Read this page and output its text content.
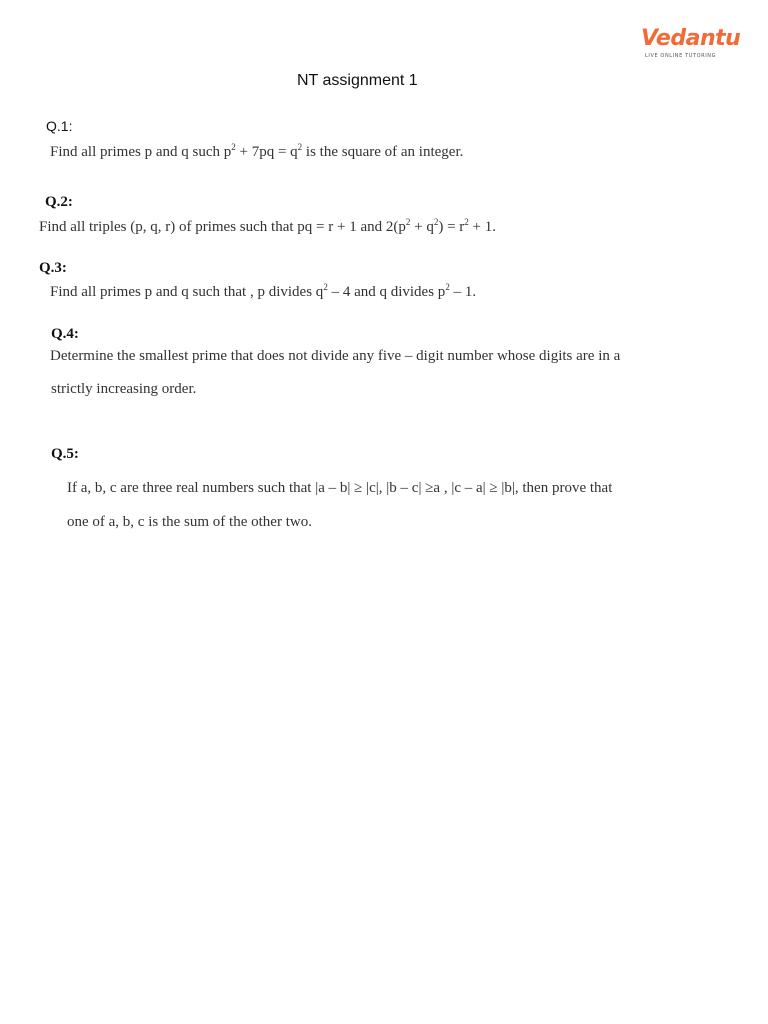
Vedantu
LIVE ONLINE TUTORING
NT assignment 1
Q.1:
Find all primes p and q such $p^2 + 7pq = q^2$ is the square of an integer.
Q.2:
Find all triples (p, q, r) of primes such that pq = r + 1 and $2(p^2 + q^2) = r^2 + 1$.
Q.3:
Find all primes p and q such that , p divides $q^2 - 4$ and q divides $p^2 - 1$.
Q.4:
Determine the smallest prime that does not divide any five – digit number whose digits are in a
strictly increasing order.
Q.5:
If a, b, c are three real numbers such that |a – b| ≥ |c|, |b – c| ≥a , |c – a| ≥ |b|, then prove that
one of a, b, c is the sum of the other two.
